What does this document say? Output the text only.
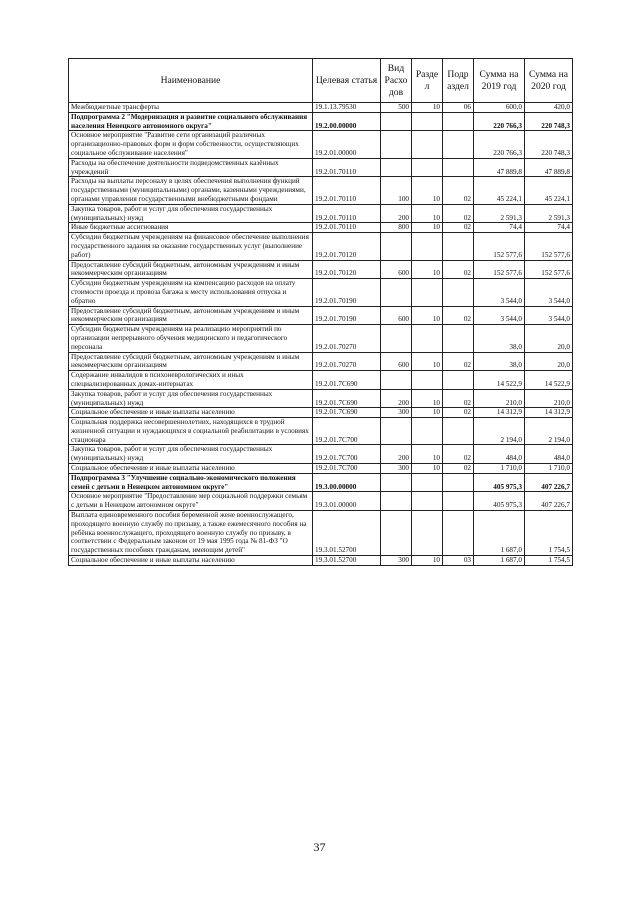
Наименование	Целевая статья	Вид Расхо дов	Разде л	Подр аздел	Сумма на 2019 год	Сумма на 2020 год
Межбюджетные трансферты	19.1.13.79530	500	10	06	600,0	420,0
Подпрограмма 2 "Модернизация и развитие социального обслуживания населения Ненецкого автономного округа"	19.2.00.00000				220 766,3	220 748,3
Основное мероприятие "Развитие сети организаций различных организационно-правовых форм и форм собственности, осуществляющих социальное обслуживание населения"	19.2.01.00000				220 766,3	220 748,3
Расходы на обеспечение деятельности подведомственных казённых учреждений	19.2.01.70110				47 889,8	47 889,8
Расходы на выплаты персоналу в целях обеспечения выполнения функций государственными (муниципальными) органами, казенными учреждениями, органами управления государственными внебюджетными фондами	19.2.01.70110	100	10	02	45 224,1	45 224,1
Закупка товаров, работ и услуг для обеспечения государственных (муниципальных) нужд	19.2.01.70110	200	10	02	2 591,3	2 591,3
Иные бюджетные ассигнования	19.2.01.70110	800	10	02	74,4	74,4
Субсидии бюджетным учреждениям на финансовое обеспечение выполнения государственного задания на оказание государственных услуг (выполнение работ)	19.2.01.70120				152 577,6	152 577,6
Предоставление субсидий бюджетным, автономным учреждениям и иным некоммерческим организациям	19.2.01.70120	600	10	02	152 577,6	152 577,6
Субсидии бюджетным учреждениям на компенсацию расходов на оплату стоимости проезда и провоза багажа к месту использования отпуска и обратно	19.2.01.70190				3 544,0	3 544,0
Предоставление субсидий бюджетным, автономным учреждениям и иным некоммерческим организациям	19.2.01.70190	600	10	02	3 544,0	3 544,0
Субсидии бюджетным учреждениям на реализацию мероприятий по организации непрерывного обучения медицинского и педагогического персонала	19.2.01.70270				38,0	20,0
Предоставление субсидий бюджетным, автономным учреждениям и иным некоммерческим организациям	19.2.01.70270	600	10	02	38,0	20,0
Содержание инвалидов в психоневрологических и иных специализированных домах-интернатах	19.2.01.7С690				14 522,9	14 522,9
Закупка товаров, работ и услуг для обеспечения государственных (муниципальных) нужд	19.2.01.7С690	200	10	02	210,0	210,0
Социальное обеспечение и иные выплаты населению	19.2.01.7С690	300	10	02	14 312,9	14 312,9
Социальная поддержка несовершеннолетних, находящихся в трудной жизненной ситуации и нуждающихся в социальной реабилитации в условиях стационара	19.2.01.7С700				2 194,0	2 194,0
Закупка товаров, работ и услуг для обеспечения государственных (муниципальных) нужд	19.2.01.7С700	200	10	02	484,0	484,0
Социальное обеспечение и иные выплаты населению	19.2.01.7С700	300	10	02	1 710,0	1 710,0
Подпрограмма 3 "Улучшение социально-экономического положения семей с детьми в Ненецком автономном округе"	19.3.00.00000				405 975,3	407 226,7
Основное мероприятие "Предоставление мер социальной поддержки семьям с детьми в Ненецком автономном округе"	19.3.01.00000				405 975,3	407 226,7
Выплата единовременного пособия беременной жене военнослужащего, проходящего военную службу по призыву, а также ежемесячного пособия на ребёнка военнослужащего, проходящего военную службу по призыву, в соответствии с Федеральным законом от 19 мая 1995 года № 81-ФЗ "О государственных пособиях гражданам, имеющим детей"	19.3.01.52700				1 687,0	1 754,5
Социальное обеспечение и иные выплаты населению	19.3.01.52700	300	10	03	1 687,0	1 754,5
37
